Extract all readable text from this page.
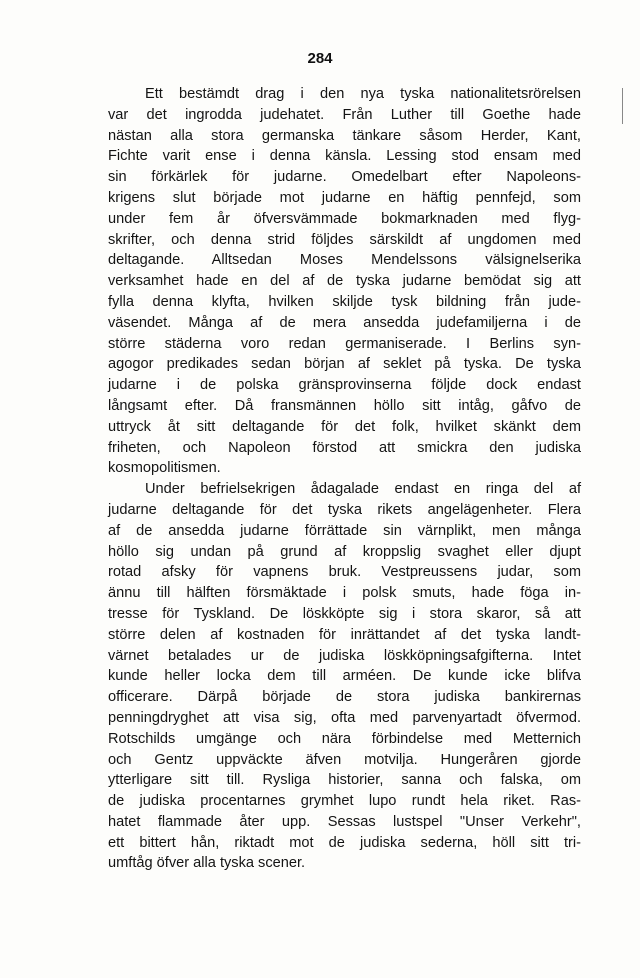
284
Ett bestämdt drag i den nya tyska nationalitetsrörelsen
var det ingrodda judehatet. Från Luther till Goethe hade
nästan alla stora germanska tänkare såsom Herder, Kant,
Fichte varit ense i denna känsla. Lessing stod ensam med
sin förkärlek för judarne. Omedelbart efter Napoleons-
krigens slut började mot judarne en häftig pennfejd, som
under fem år öfversvämmade bokmarknaden med flyg-
skrifter, och denna strid följdes särskildt af ungdomen med
deltagande. Alltsedan Moses Mendelssons välsignelserika
verksamhet hade en del af de tyska judarne bemödat sig att
fylla denna klyfta, hvilken skiljde tysk bildning från jude-
väsendet. Många af de mera ansedda judefamiljerna i de
större städerna voro redan germaniserade. I Berlins syn-
agogor predikades sedan början af seklet på tyska. De tyska
judarne i de polska gränsprovinserna följde dock endast
långsamt efter. Då fransmännen höllo sitt intåg, gåfvo de
uttryck åt sitt deltagande för det folk, hvilket skänkt dem
friheten, och Napoleon förstod att smickra den judiska
kosmopolitismen.
Under befrielsekrigen ådagalade endast en ringa del af
judarne deltagande för det tyska rikets angelägenheter. Flera
af de ansedda judarne förrättade sin värnplikt, men många
höllo sig undan på grund af kroppslig svaghet eller djupt
rotad afsky för vapnens bruk. Vestpreussens judar, som
ännu till hälften försmäktade i polsk smuts, hade föga in-
tresse för Tyskland. De löskköpte sig i stora skaror, så att
större delen af kostnaden för inrättandet af det tyska landt-
värnet betalades ur de judiska löskköpningsafgifterna. Intet
kunde heller locka dem till arméen. De kunde icke blifva
officerare. Därpå började de stora judiska bankirernas
penningdryghet att visa sig, ofta med parvenyartadt öfvermod.
Rotschilds umgänge och nära förbindelse med Metternich
och Gentz uppväckte äfven motvilja. Hungeråren gjorde
ytterligare sitt till. Rysliga historier, sanna och falska, om
de judiska procentarnes grymhet lupo rundt hela riket. Ras-
hatet flammade åter upp. Sessas lustspel "Unser Verkehr",
ett bittert hån, riktadt mot de judiska sederna, höll sitt tri-
umftåg öfver alla tyska scener.
